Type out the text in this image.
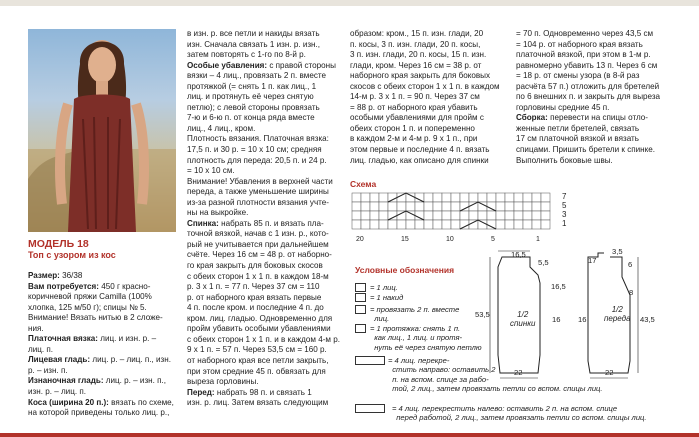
МОДЕЛЬ 18
Топ с узором из кос
Размер: 36/38
Вам потребуется: 450 г красно-
коричневой пряжи Camilla (100%
хлопка, 125 м/50 г); спицы № 5.
Внимание! Вязать нитью в 2 сложе-
ния.
Платочная вязка: лиц. и изн. р. –
лиц. п.
Лицевая гладь: лиц. р. – лиц. п., изн.
р. – изн. п.
Изнаночная гладь: лиц. р. – изн. п.,
изн. р. – лиц. п.
Коса (ширина 20 п.): вязать по схеме,
на которой приведены только лиц. р.,
в изн. р. все петли и накиды вязать
изн. Сначала связать 1 изн. р. изн.,
затем повторять с 1-го по 8-й р.
Особые убавления: с правой стороны
вязки – 4 лиц., провязать 2 п. вместе
протяжкой (= снять 1 п. как лиц., 1
лиц. и протянуть её через снятую
петлю); с левой стороны провязать
7-ю и 6-ю п. от конца ряда вместе
лиц., 4 лиц., кром.
Плотность вязания. Платочная вязка:
17,5 п. и 30 р. = 10 х 10 см; средняя
плотность для переда: 20,5 п. и 24 р.
= 10 х 10 см.
Внимание! Убавления в верхней части
переда, а также уменьшение ширины
из-за разной плотности вязания учте-
ны на выкройке.
Спинка: набрать 85 п. и вязать пла-
точной вязкой, начав с 1 изн. р., кото-
рый не учитывается при дальнейшем
счёте. Через 16 см = 48 р. от наборно-
го края закрыть для боковых скосов
с обеих сторон 1 х 1 п. в каждом 18-м
р. 3 х 1 п. = 77 п. Через 37 см = 110
р. от наборного края вязать первые
4 п. после кром. и последние 4 п. до
кром. лиц. гладью. Одновременно для
пройм убавить особыми убавлениями
с обеих сторон 1 х 1 п. и в каждом 4-м р.
9 х 1 п. = 57 п. Через 53,5 см = 160 р.
от наборного края все петли закрыть,
при этом средние 45 п. обвязать для
выреза горловины.
Перед: набрать 98 п. и связать 1
изн. р. лиц. Затем вязать следующим
образом: кром., 15 п. изн. глади, 20
п. косы, 3 п. изн. глади, 20 п. косы,
3 п. изн. глади, 20 п. косы, 15 п. изн.
глади, кром. Через 16 см = 38 р. от
наборного края закрыть для боковых
скосов с обеих сторон 1 х 1 п. в каждом
14-м р. 3 х 1 п. = 90 п. Через 37 см
= 88 р. от наборного края убавить
особыми убавлениями для пройм с
обеих сторон 1 п. и попеременно
в каждом 2-м и 4-м р. 9 х 1 п., при
этом первые и последние 4 п. вязать
лиц. гладью, как описано для спинки
= 70 п. Одновременно через 43,5 см
= 104 р. от наборного края вязать
платочной вязкой, при этом в 1-м р.
равномерно убавить 13 п. Через 6 см
= 18 р. от смены узора (в 8-й раз
расчёта 57 п.) отложить для бретелей
по 6 внешних п. и закрыть для выреза
горловины средние 45 п.
Сборка: перевести на спицы отло-
женные петли бретелей, связать
17 см платочной вязкой и вязать
спицами. Пришить бретели к спинке.
Выполнить боковые швы.
Схема
7
5
3
1
20	15	10	5	1
Условные обозначения
= 1 лиц.
= 1 накид
= провязать 2 п. вместе
лиц.
= 1 протяжка: снять 1 п.
как лиц., 1 лиц. и протя-
нуть её через снятую петлю
= 4 лиц. перекре-
стить направо: оставить 2
п. на вспом. спице за рабо-
той, 2 лиц., затем провязать петли со вспом. спицы лиц.
= 4 лиц. перекрестить налево: оставить 2 п. на вспом. спице
перед работой, 2 лиц., затем провязать петли со вспом. спицы лиц.
1/2
спинки
1/2
переда
16,5
5,5
53,5
16,5
16
22
3,5
17	6
8
43,5
16
22
